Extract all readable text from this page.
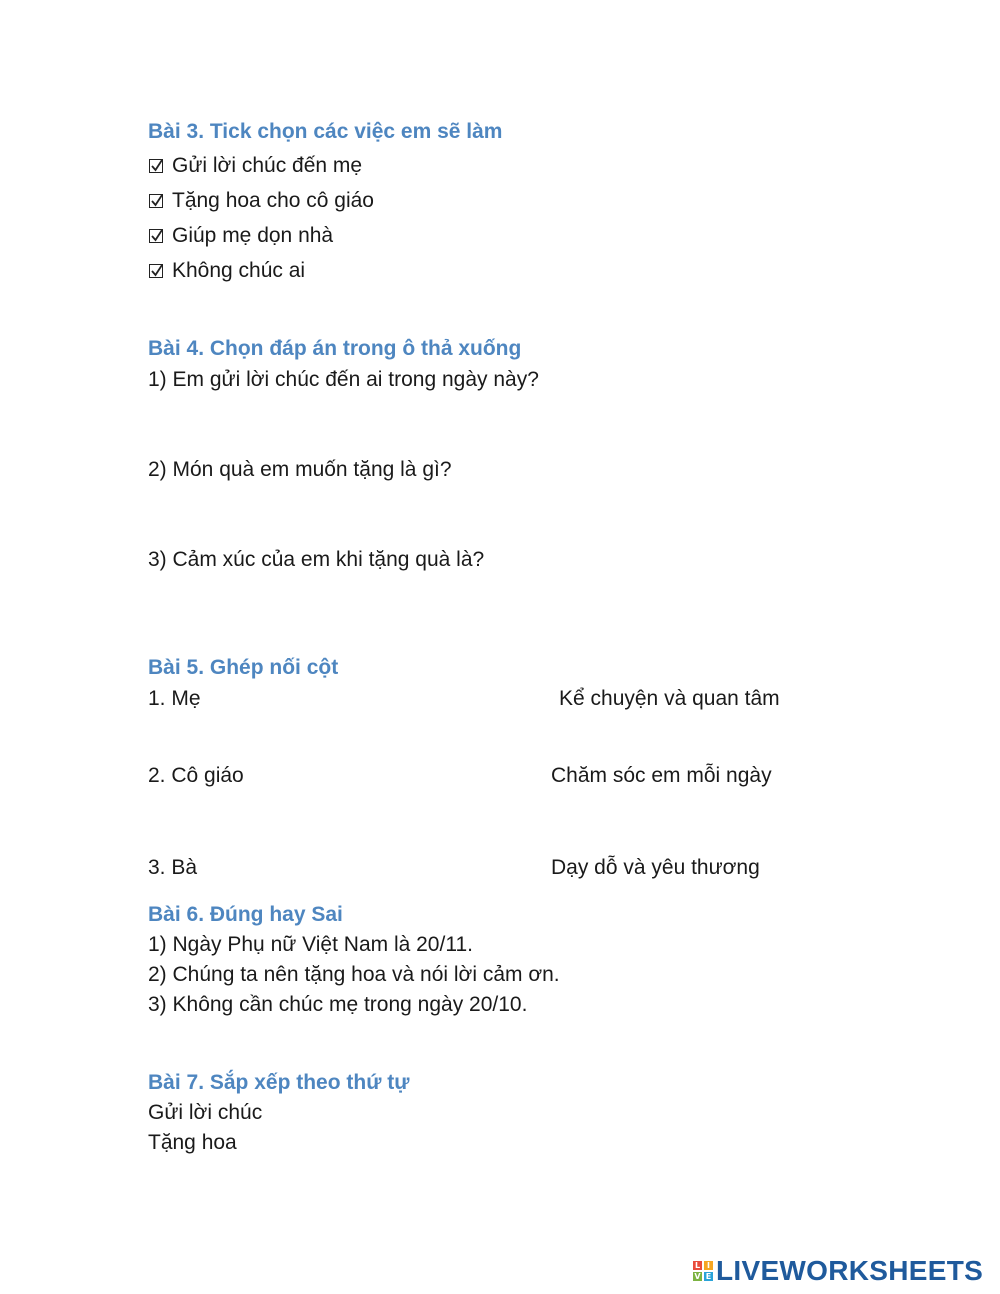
Bài 3. Tick chọn các việc em sẽ làm
Gửi lời chúc đến mẹ
Tặng hoa cho cô giáo
Giúp mẹ dọn nhà
Không chúc ai
Bài 4. Chọn đáp án trong ô thả xuống
1) Em gửi lời chúc đến ai trong ngày này?
2) Món quà em muốn tặng là gì?
3) Cảm xúc của em khi tặng quà là?
Bài 5. Ghép nối cột
1. Mẹ	Kể chuyện và quan tâm
2. Cô giáo	Chăm sóc em mỗi ngày
3. Bà	Dạy dỗ và yêu thương
Bài 6. Đúng hay Sai
1) Ngày Phụ nữ Việt Nam là 20/11.
2) Chúng ta nên tặng hoa và nói lời cảm ơn.
3) Không cần chúc mẹ trong ngày 20/10.
Bài 7. Sắp xếp theo thứ tự
Gửi lời chúc
Tặng hoa
L I
V E LIVEWORKSHEETS
